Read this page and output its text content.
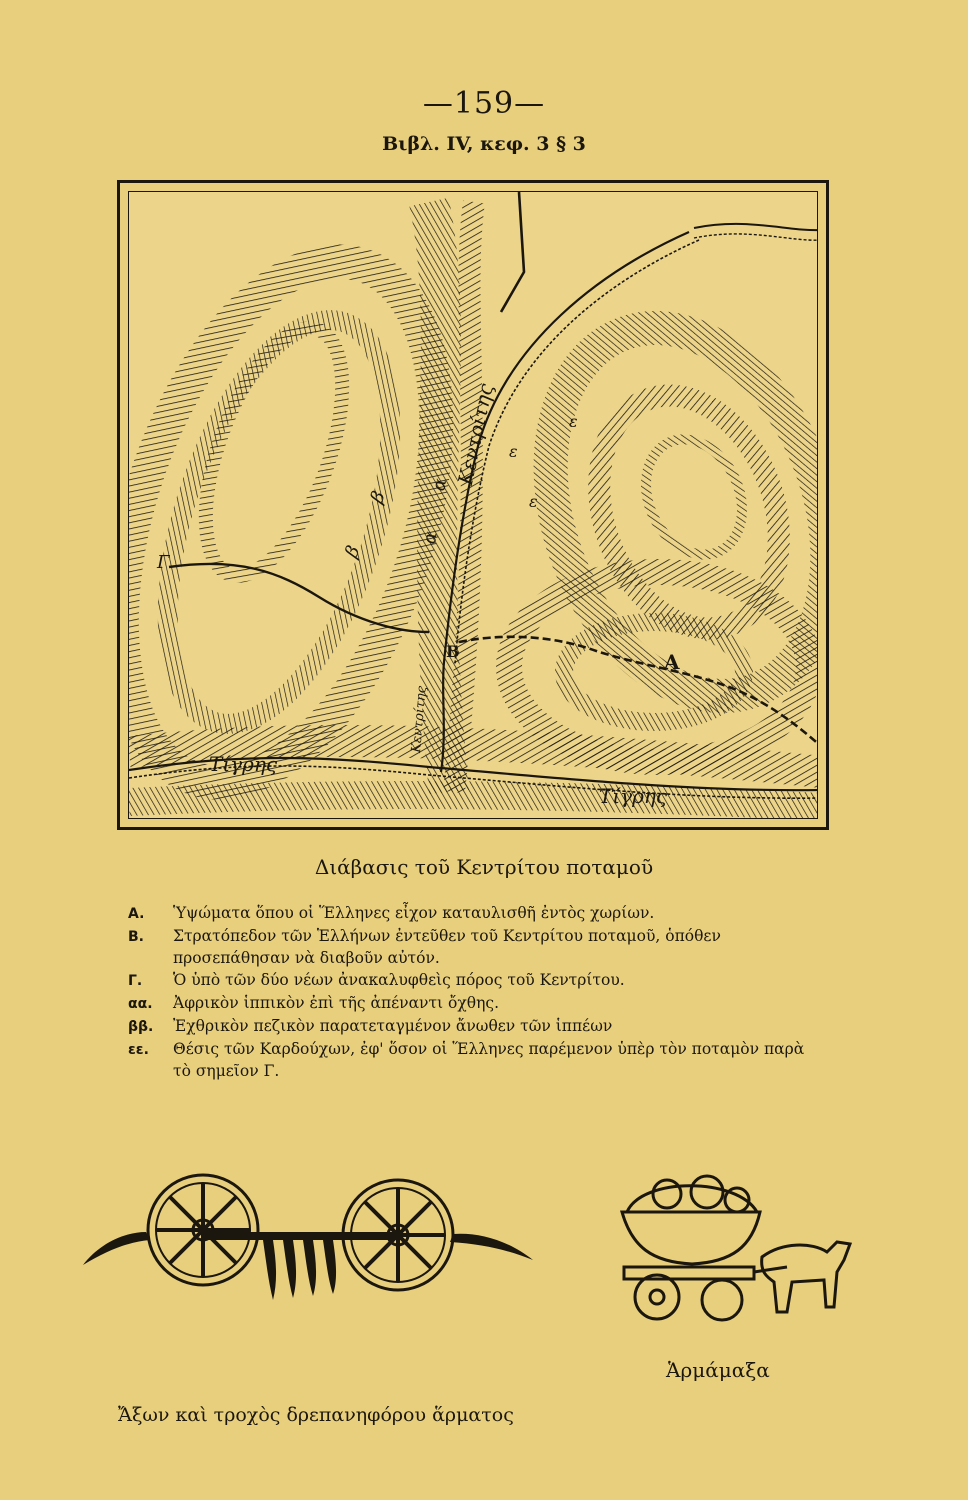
—159—
Βιβλ. IV, κεφ. 3 § 3
Κεντρίτης
Κεντρίτης
Τίγρης
Τίγρης
A
B
Γ
α α
β β
ε
ε
ε
Διάβασις τοῦ Κεντρίτου ποταμοῦ
A.	Ὑψώματα ὅπου οἱ Ἕλληνες εἶχον καταυλισθῆ ἐντὸς χωρίων.
B.	Στρατόπεδον τῶν Ἑλλήνων ἐντεῦθεν τοῦ Κεντρίτου ποταμοῦ, ὁπόθεν προσεπάθησαν νὰ διαβοῦν αὐτόν.
Γ.	Ὁ ὑπὸ τῶν δύο νέων ἀνακαλυφθεὶς πόρος τοῦ Κεντρίτου.
αα.	Ἀφρικὸν ἱππικὸν ἐπὶ τῆς ἀπέναντι ὄχθης.
ββ.	Ἐχθρικὸν πεζικὸν παρατεταγμένον ἄνωθεν τῶν ἱππέων
εε.	Θέσις τῶν Καρδούχων, ἐφ' ὅσον οἱ Ἕλληνες παρέμενον ὑπὲρ τὸν ποταμὸν παρὰ τὸ σημεῖον Γ.
Ἁρμάμαξα
Ἄξων καὶ τροχὸς δρεπανηφόρου ἅρματος
